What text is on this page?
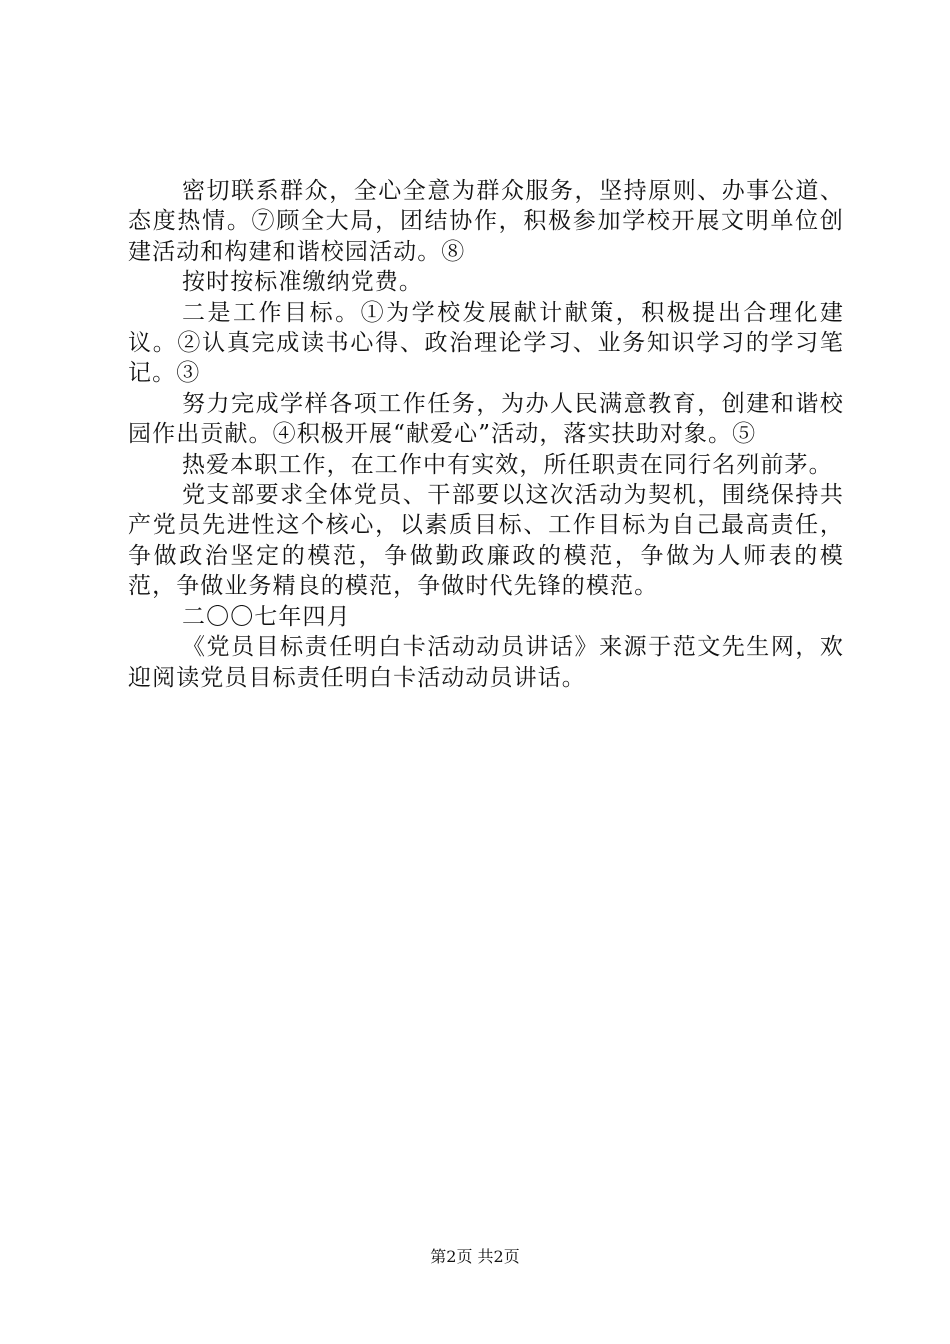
密切联系群众，全心全意为群众服务，坚持原则、办事公道、态度热情。⑦顾全大局，团结协作，积极参加学校开展文明单位创建活动和构建和谐校园活动。⑧

按时按标准缴纳党费。

二是工作目标。①为学校发展献计献策，积极提出合理化建议。②认真完成读书心得、政治理论学习、业务知识学习的学习笔记。③

努力完成学样各项工作任务，为办人民满意教育，创建和谐校园作出贡献。④积极开展“献爱心”活动，落实扶助对象。⑤

热爱本职工作，在工作中有实效，所任职责在同行名列前茅。

党支部要求全体党员、干部要以这次活动为契机，围绕保持共产党员先进性这个核心，以素质目标、工作目标为自己最高责任，争做政治坚定的模范，争做勤政廉政的模范，争做为人师表的模范，争做业务精良的模范，争做时代先锋的模范。

二〇〇七年四月

《党员目标责任明白卡活动动员讲话》来源于范文先生网，欢迎阅读党员目标责任明白卡活动动员讲话。

第2页 共2页
